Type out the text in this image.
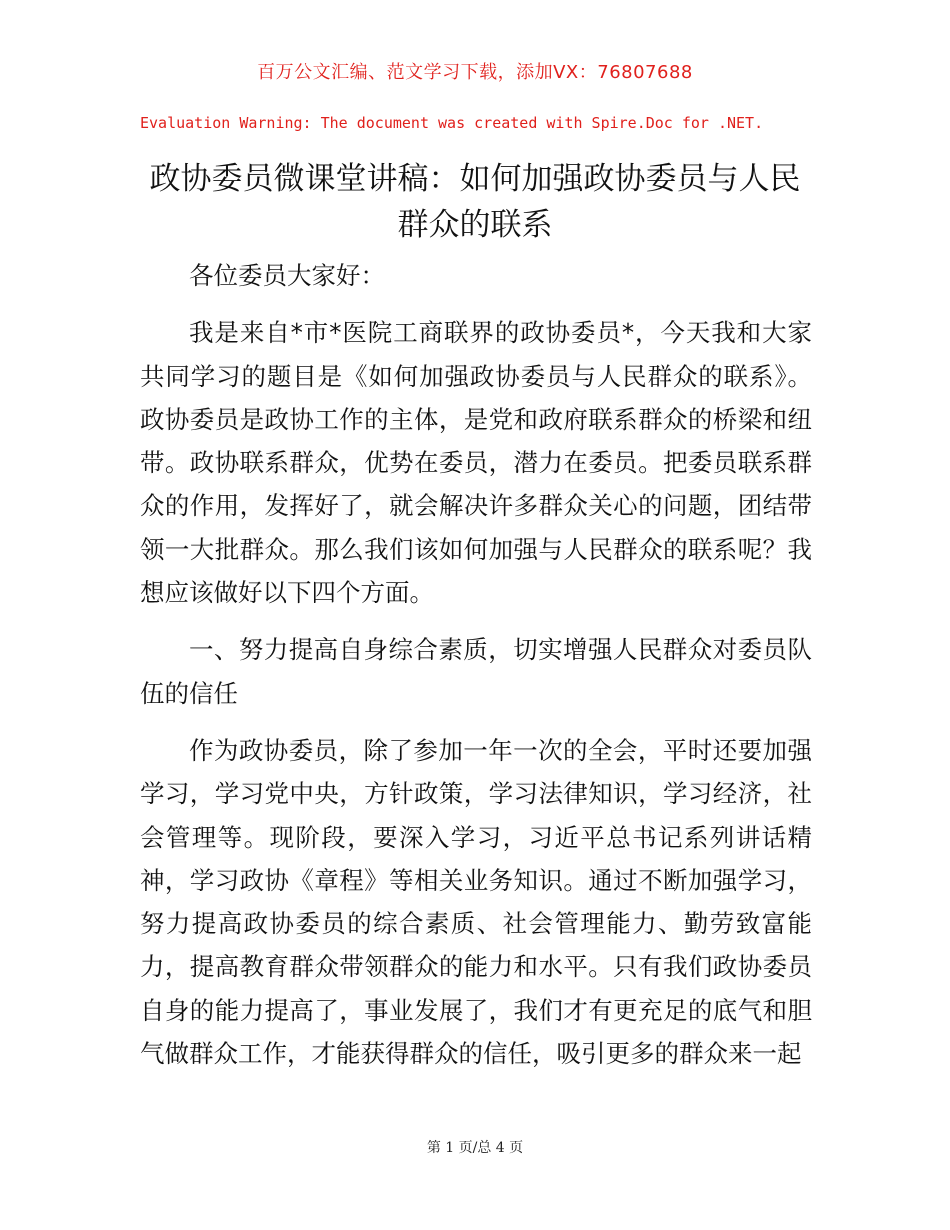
百万公文汇编、范文学习下载，添加VX：76807688
Evaluation Warning: The document was created with Spire.Doc for .NET.
政协委员微课堂讲稿：如何加强政协委员与人民群众的联系

各位委员大家好：

我是来自*市*医院工商联界的政协委员*，今天我和大家共同学习的题目是《如何加强政协委员与人民群众的联系》。政协委员是政协工作的主体，是党和政府联系群众的桥梁和纽带。政协联系群众，优势在委员，潜力在委员。把委员联系群众的作用，发挥好了，就会解决许多群众关心的问题，团结带领一大批群众。那么我们该如何加强与人民群众的联系呢？我想应该做好以下四个方面。

一、努力提高自身综合素质，切实增强人民群众对委员队伍的信任

作为政协委员，除了参加一年一次的全会，平时还要加强学习，学习党中央，方针政策，学习法律知识，学习经济，社会管理等。现阶段，要深入学习，习近平总书记系列讲话精神，学习政协《章程》等相关业务知识。通过不断加强学习，努力提高政协委员的综合素质、社会管理能力、勤劳致富能力，提高教育群众带领群众的能力和水平。只有我们政协委员自身的能力提高了，事业发展了，我们才有更充足的底气和胆气做群众工作，才能获得群众的信任，吸引更多的群众来一起

第 1 页/总 4 页
